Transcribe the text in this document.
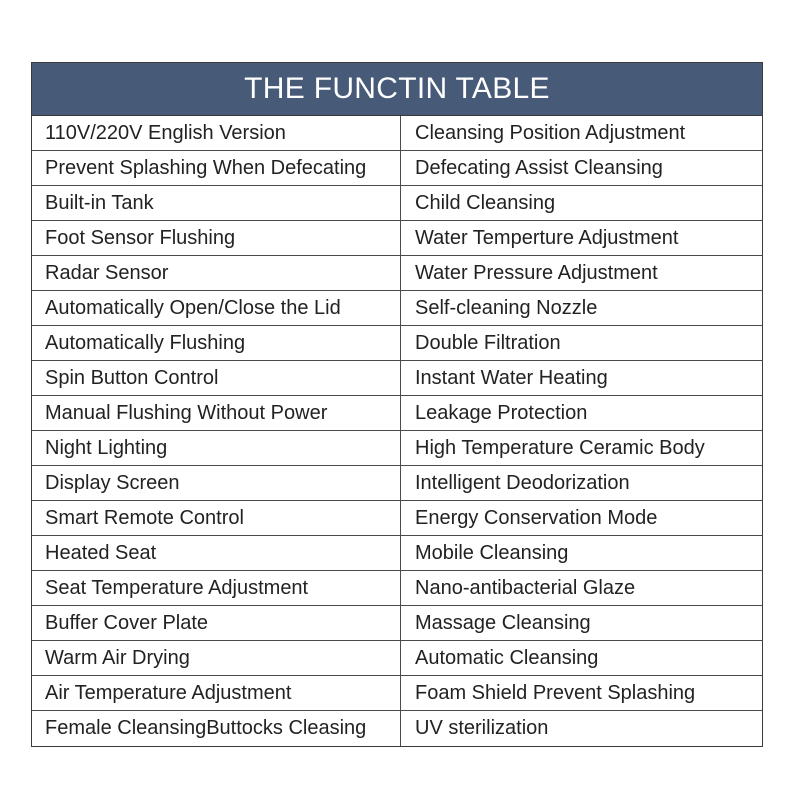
THE FUNCTIN TABLE
110V/220V English Version	Cleansing Position Adjustment
Prevent Splashing When Defecating	Defecating Assist Cleansing
Built-in Tank	Child Cleansing
Foot Sensor Flushing	Water Temperture Adjustment
Radar Sensor	Water Pressure Adjustment
Automatically Open/Close the Lid	Self-cleaning Nozzle
Automatically Flushing	Double Filtration
Spin Button Control	Instant Water Heating
Manual Flushing Without Power	Leakage Protection
Night Lighting	High Temperature Ceramic Body
Display Screen	Intelligent Deodorization
Smart Remote Control	Energy Conservation Mode
Heated Seat	Mobile Cleansing
Seat Temperature Adjustment	Nano-antibacterial Glaze
Buffer Cover Plate	Massage Cleansing
Warm Air Drying	Automatic Cleansing
Air Temperature Adjustment	Foam Shield Prevent Splashing
Female CleansingButtocks Cleasing	UV sterilization
